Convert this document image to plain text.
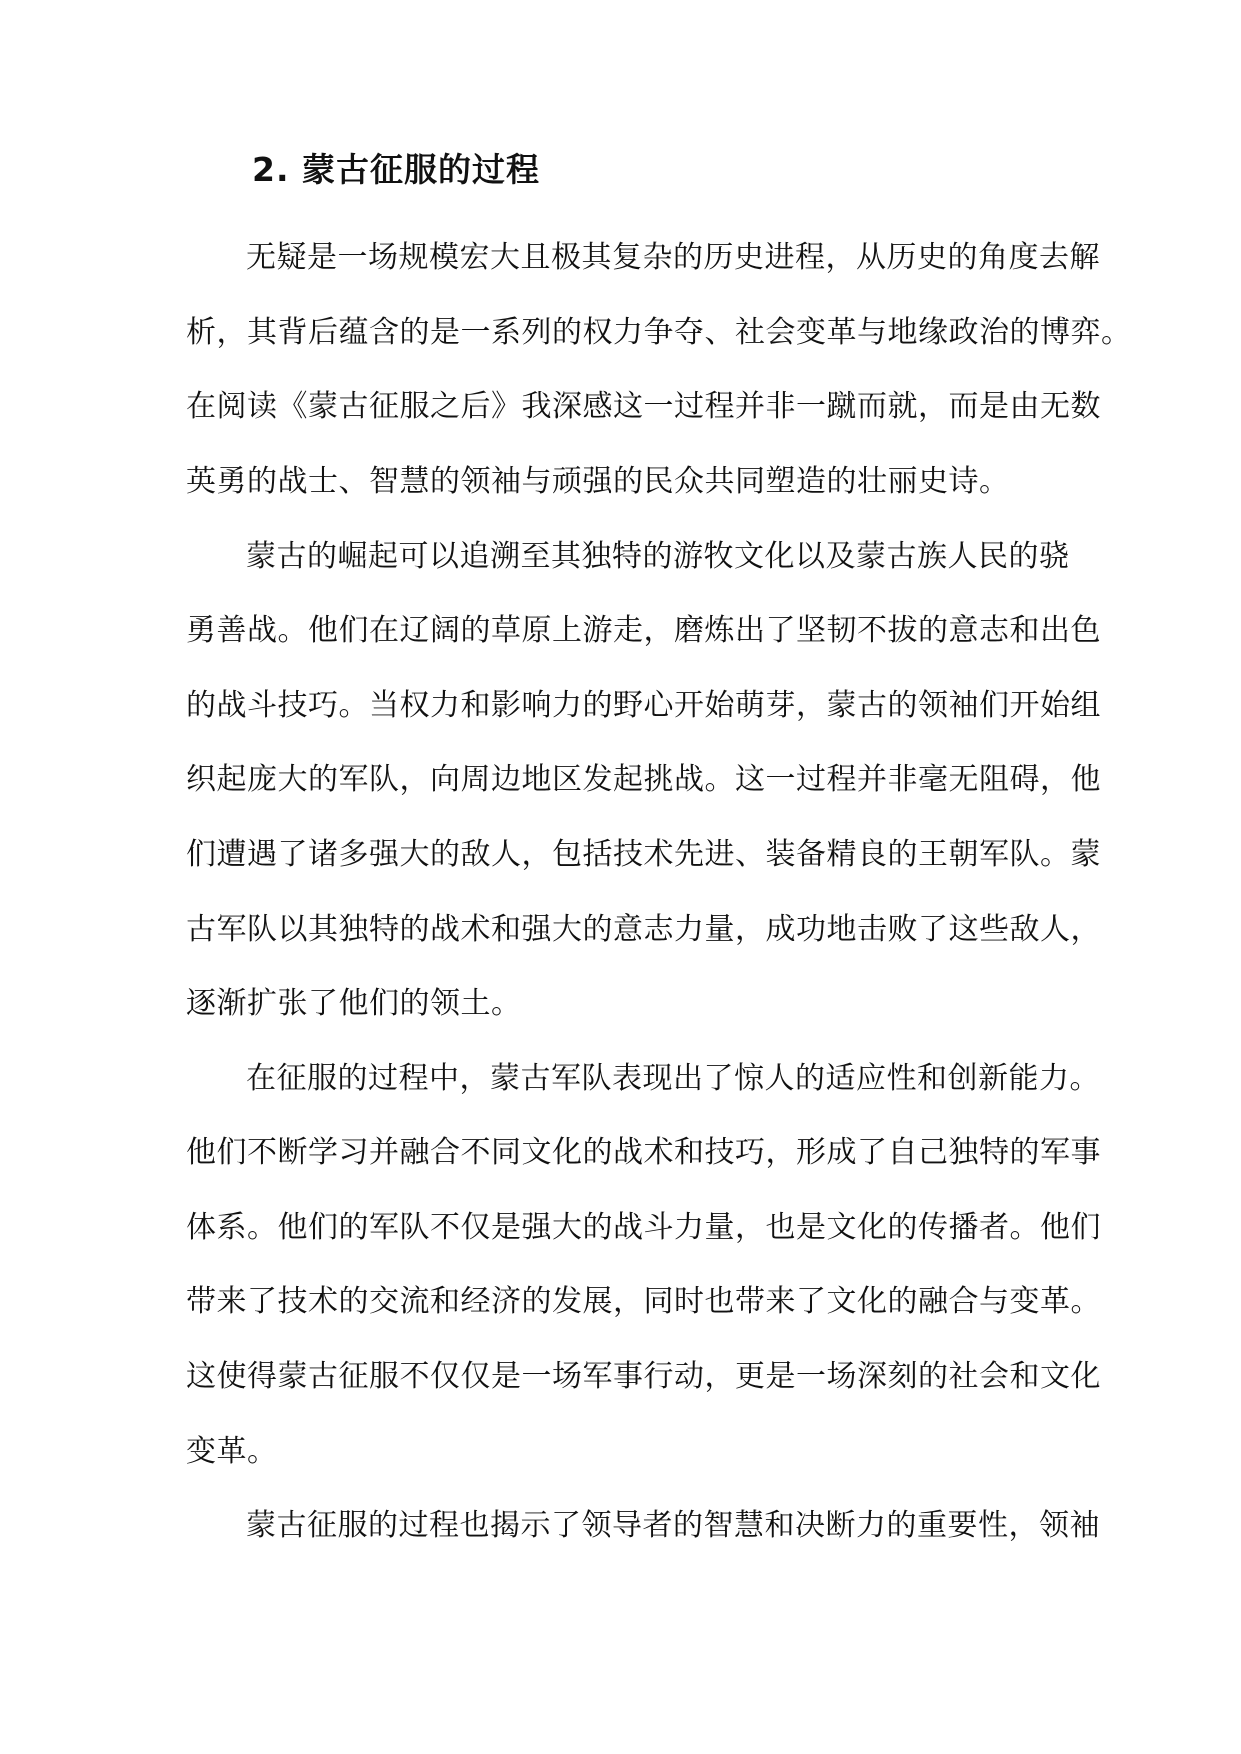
2. 蒙古征服的过程
无疑是一场规模宏大且极其复杂的历史进程，从历史的角度去解
析，其背后蕴含的是一系列的权力争夺、社会变革与地缘政治的博弈。
在阅读《蒙古征服之后》我深感这一过程并非一蹴而就，而是由无数
英勇的战士、智慧的领袖与顽强的民众共同塑造的壮丽史诗。
蒙古的崛起可以追溯至其独特的游牧文化以及蒙古族人民的骁
勇善战。他们在辽阔的草原上游走，磨炼出了坚韧不拔的意志和出色
的战斗技巧。当权力和影响力的野心开始萌芽，蒙古的领袖们开始组
织起庞大的军队，向周边地区发起挑战。这一过程并非毫无阻碍，他
们遭遇了诸多强大的敌人，包括技术先进、装备精良的王朝军队。蒙
古军队以其独特的战术和强大的意志力量，成功地击败了这些敌人，
逐渐扩张了他们的领土。
在征服的过程中，蒙古军队表现出了惊人的适应性和创新能力。
他们不断学习并融合不同文化的战术和技巧，形成了自己独特的军事
体系。他们的军队不仅是强大的战斗力量，也是文化的传播者。他们
带来了技术的交流和经济的发展，同时也带来了文化的融合与变革。
这使得蒙古征服不仅仅是一场军事行动，更是一场深刻的社会和文化
变革。
蒙古征服的过程也揭示了领导者的智慧和决断力的重要性，领袖
